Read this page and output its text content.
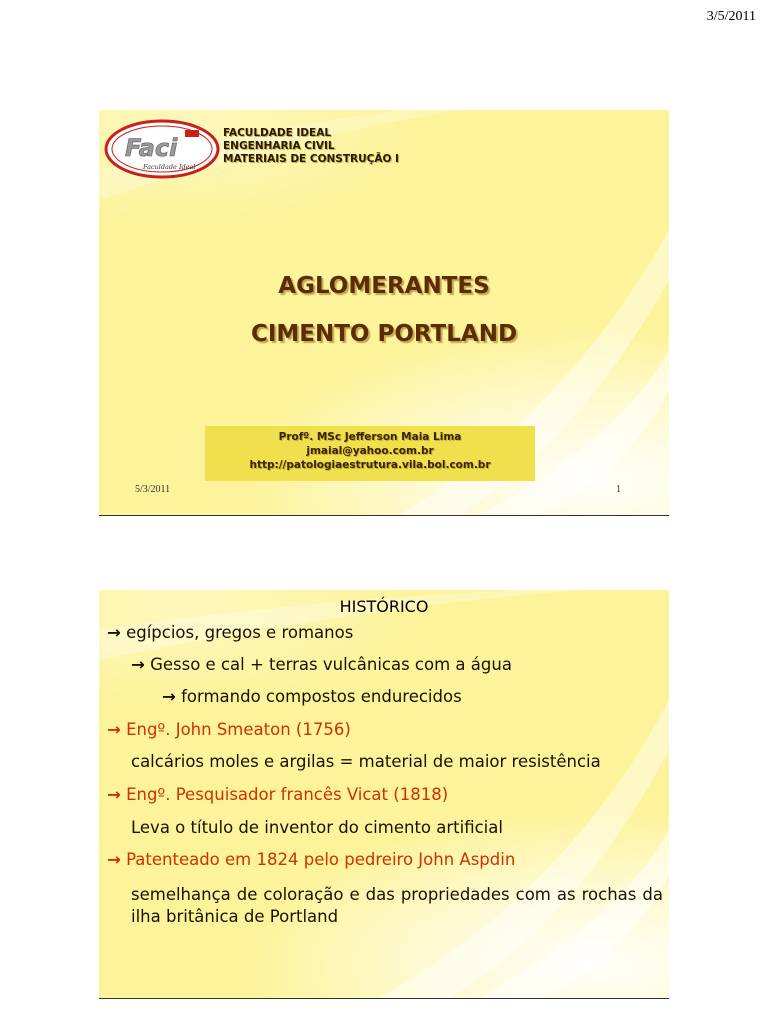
3/5/2011
Faci
Faculdade Ideal
FACULDADE IDEAL
ENGENHARIA CIVIL
MATERIAIS DE CONSTRUÇÃO I
AGLOMERANTES
CIMENTO PORTLAND
Profº. MSc Jefferson Maia Lima
jmaial@yahoo.com.br
http://patologiaestrutura.vila.bol.com.br
5/3/2011	1
HISTÓRICO
→ egípcios, gregos e romanos
→ Gesso e cal + terras vulcânicas com a água
→ formando compostos endurecidos
→ Engº. John Smeaton (1756)
calcários moles e argilas = material de maior resistência
→ Engº. Pesquisador francês Vicat (1818)
Leva o título de inventor do cimento artificial
→ Patenteado em 1824 pelo pedreiro John Aspdin
semelhança de coloração e das propriedades com as rochas da ilha britânica de Portland
